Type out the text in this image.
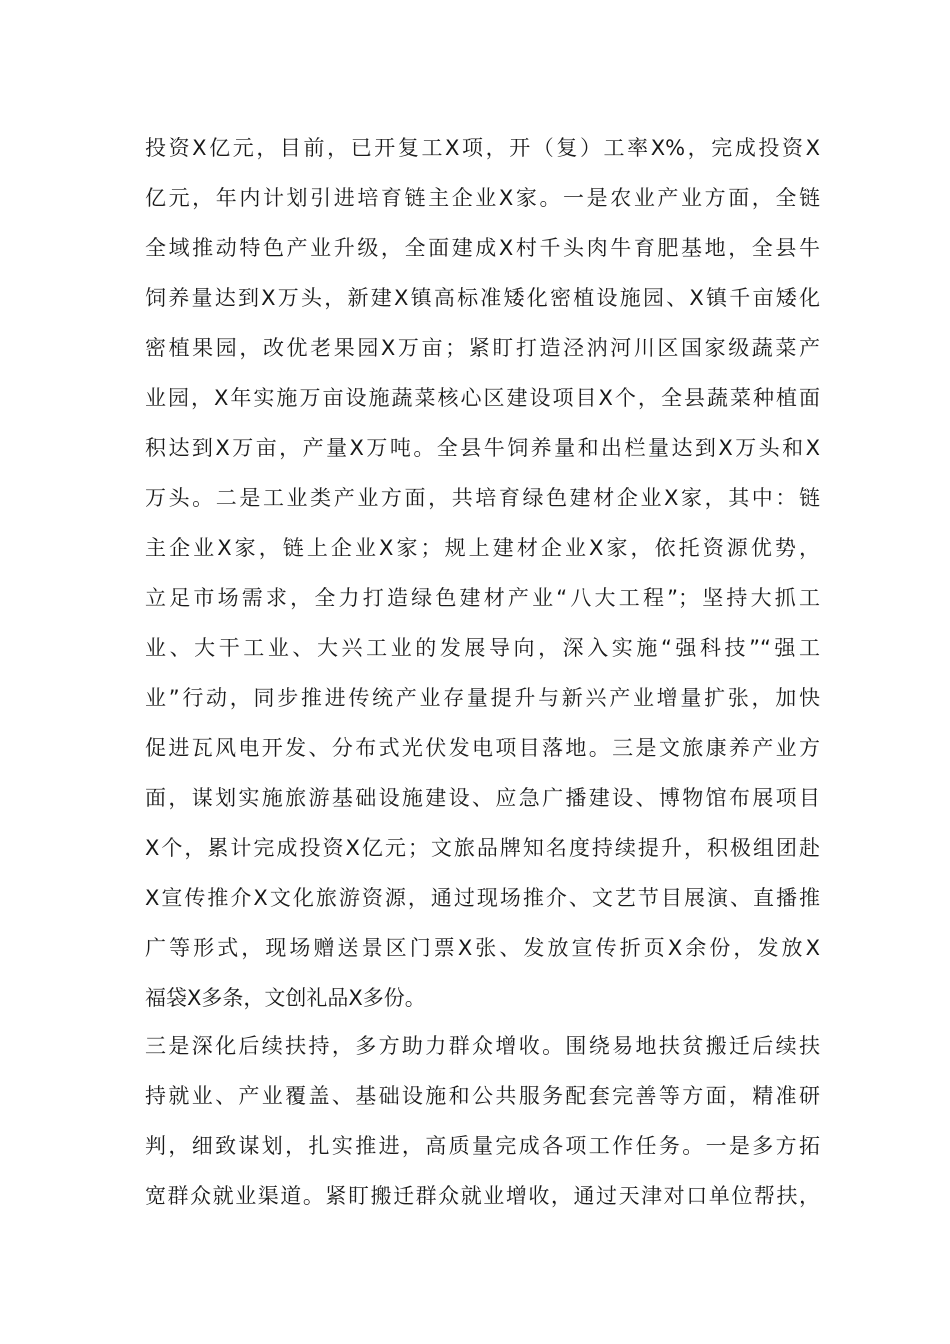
投资X亿元，目前，已开复工X项，开（复）工率X%，完成投资X
亿元，年内计划引进培育链主企业X家。一是农业产业方面，全链
全域推动特色产业升级，全面建成X村千头肉牛育肥基地，全县牛
饲养量达到X万头，新建X镇高标准矮化密植设施园、X镇千亩矮化
密植果园，改优老果园X万亩；紧盯打造泾汭河川区国家级蔬菜产
业园，X年实施万亩设施蔬菜核心区建设项目X个，全县蔬菜种植面
积达到X万亩，产量X万吨。全县牛饲养量和出栏量达到X万头和X
万头。二是工业类产业方面，共培育绿色建材企业X家，其中：链
主企业X家，链上企业X家；规上建材企业X家，依托资源优势，
立足市场需求，全力打造绿色建材产业“八大工程”；坚持大抓工
业、大干工业、大兴工业的发展导向，深入实施“强科技”“强工
业”行动，同步推进传统产业存量提升与新兴产业增量扩张，加快
促进瓦风电开发、分布式光伏发电项目落地。三是文旅康养产业方
面，谋划实施旅游基础设施建设、应急广播建设、博物馆布展项目
X个，累计完成投资X亿元；文旅品牌知名度持续提升，积极组团赴
X宣传推介X文化旅游资源，通过现场推介、文艺节目展演、直播推
广等形式，现场赠送景区门票X张、发放宣传折页X余份，发放X
福袋X多条，文创礼品X多份。
三是深化后续扶持，多方助力群众增收。围绕易地扶贫搬迁后续扶
持就业、产业覆盖、基础设施和公共服务配套完善等方面，精准研
判，细致谋划，扎实推进，高质量完成各项工作任务。一是多方拓
宽群众就业渠道。紧盯搬迁群众就业增收，通过天津对口单位帮扶，
